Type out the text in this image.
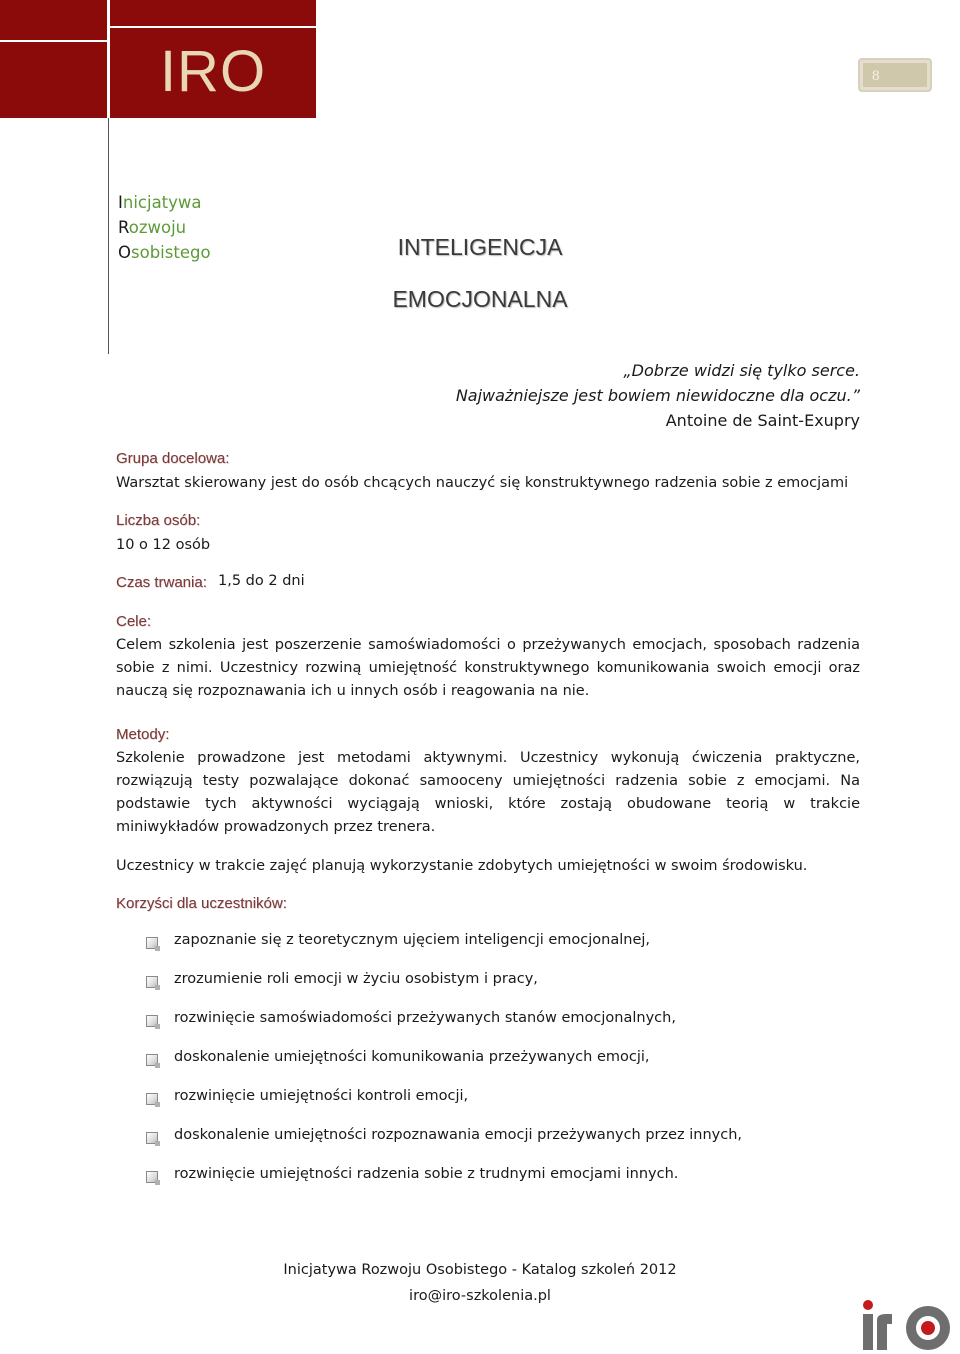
IRO	8
Inicjatywa
Rozwoju
Osobistego	INTELIGENCJA
EMOCJONALNA
„Dobrze widzi się tylko serce.
Najważniejsze jest bowiem niewidoczne dla oczu.”
Antoine de Saint-Exupry
Grupa docelowa:
Warsztat skierowany jest do osób chcących nauczyć się konstruktywnego radzenia sobie z emocjami
Liczba osób:
10 o 12 osób
Czas trwania: 1,5 do 2 dni
Cele:
Celem szkolenia jest poszerzenie samoświadomości o przeżywanych emocjach, sposobach radzenia sobie z nimi. Uczestnicy rozwiną umiejętność konstruktywnego komunikowania swoich emocji oraz nauczą się rozpoznawania ich u innych osób i reagowania na nie.
Metody:
Szkolenie prowadzone jest metodami aktywnymi. Uczestnicy wykonują ćwiczenia praktyczne, rozwiązują testy pozwalające dokonać samooceny umiejętności radzenia sobie z emocjami. Na podstawie tych aktywności wyciągają wnioski, które zostają obudowane teorią w trakcie miniwykładów prowadzonych przez trenera.
Uczestnicy w trakcie zajęć planują wykorzystanie zdobytych umiejętności w swoim środowisku.
Korzyści dla uczestników:
zapoznanie się z teoretycznym ujęciem inteligencji emocjonalnej,
zrozumienie roli emocji w życiu osobistym i pracy,
rozwinięcie samoświadomości przeżywanych stanów emocjonalnych,
doskonalenie umiejętności komunikowania przeżywanych emocji,
rozwinięcie umiejętności kontroli emocji,
doskonalenie umiejętności rozpoznawania emocji przeżywanych przez innych,
rozwinięcie umiejętności radzenia sobie z trudnymi emocjami innych.
Inicjatywa Rozwoju Osobistego - Katalog szkoleń 2012
iro@iro-szkolenia.pl
